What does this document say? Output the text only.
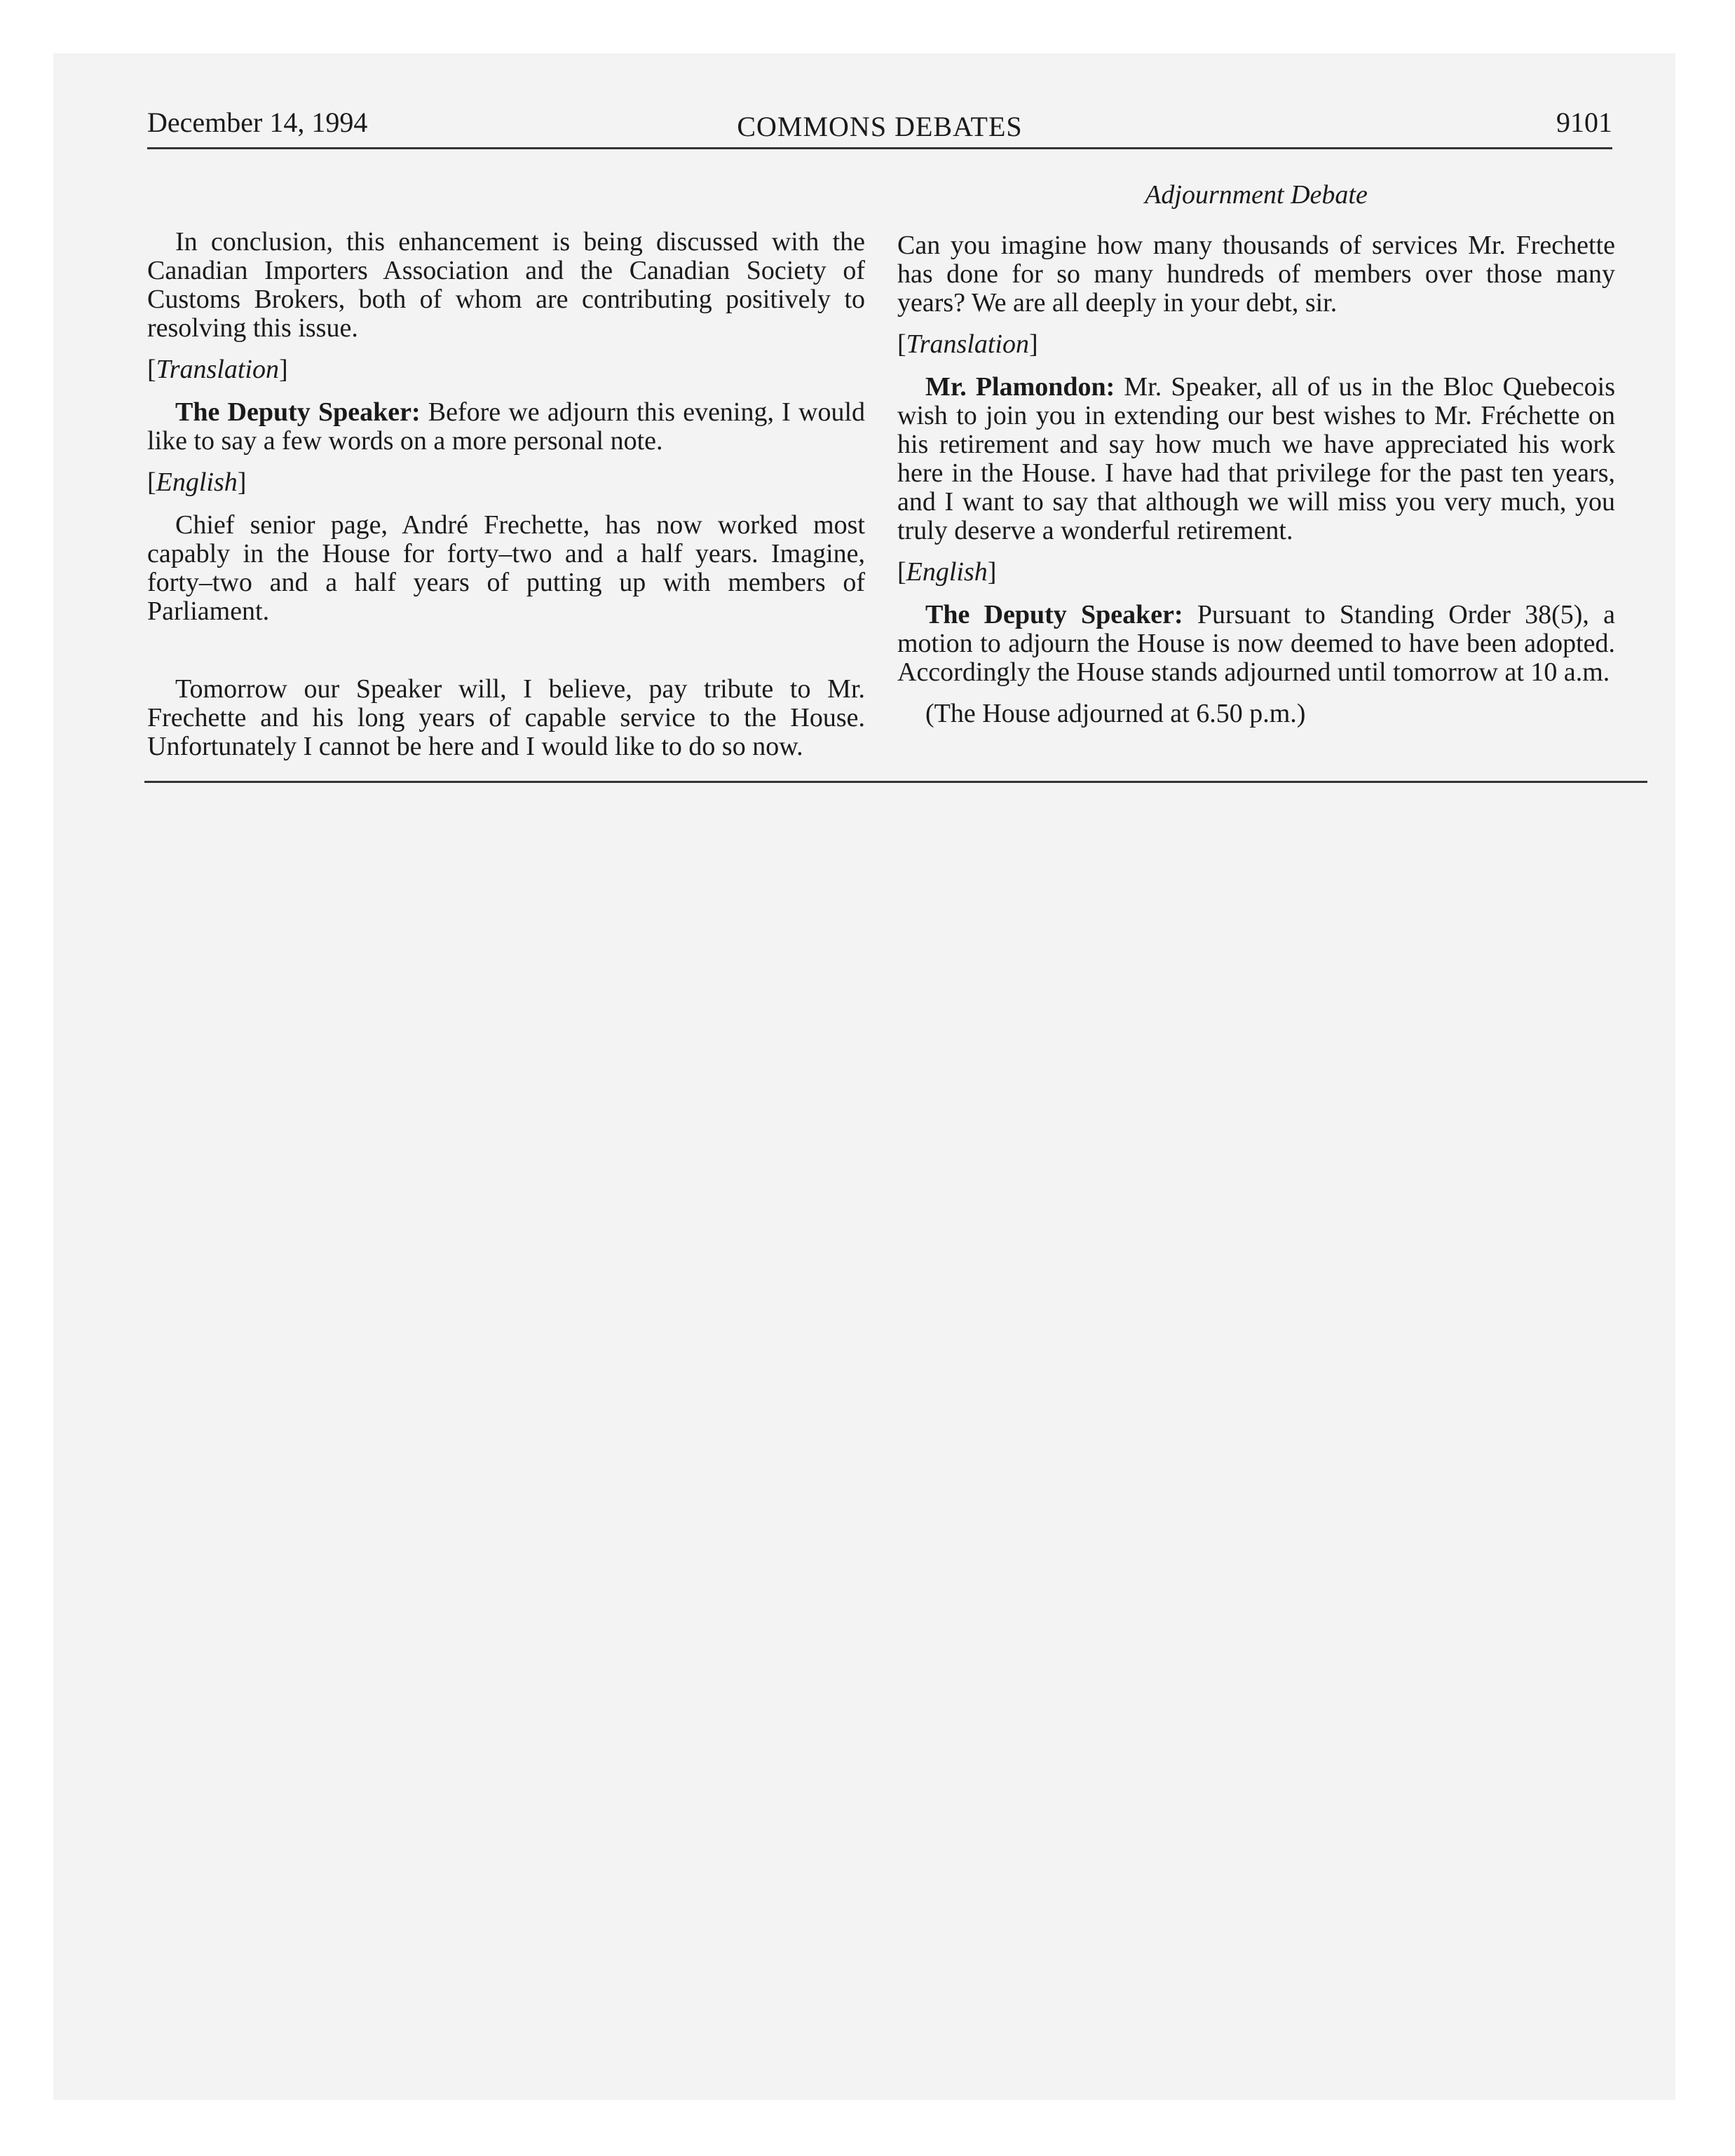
December 14, 1994	COMMONS DEBATES	9101
Adjournment Debate

In conclusion, this enhancement is being discussed with the Canadian Importers Association and the Canadian Society of Customs Brokers, both of whom are contributing positively to resolving this issue.

[Translation]

The Deputy Speaker: Before we adjourn this evening, I would like to say a few words on a more personal note.

[English]

Chief senior page, André Frechette, has now worked most capably in the House for forty–two and a half years. Imagine, forty–two and a half years of putting up with members of Parliament.

Tomorrow our Speaker will, I believe, pay tribute to Mr. Frechette and his long years of capable service to the House. Unfortunately I cannot be here and I would like to do so now.

Can you imagine how many thousands of services Mr. Frechette has done for so many hundreds of members over those many years? We are all deeply in your debt, sir.

[Translation]

Mr. Plamondon: Mr. Speaker, all of us in the Bloc Quebecois wish to join you in extending our best wishes to Mr. Fréchette on his retirement and say how much we have appreciated his work here in the House. I have had that privilege for the past ten years, and I want to say that although we will miss you very much, you truly deserve a wonderful retirement.

[English]

The Deputy Speaker: Pursuant to Standing Order 38(5), a motion to adjourn the House is now deemed to have been adopted. Accordingly the House stands adjourned until tomorrow at 10 a.m.

(The House adjourned at 6.50 p.m.)
